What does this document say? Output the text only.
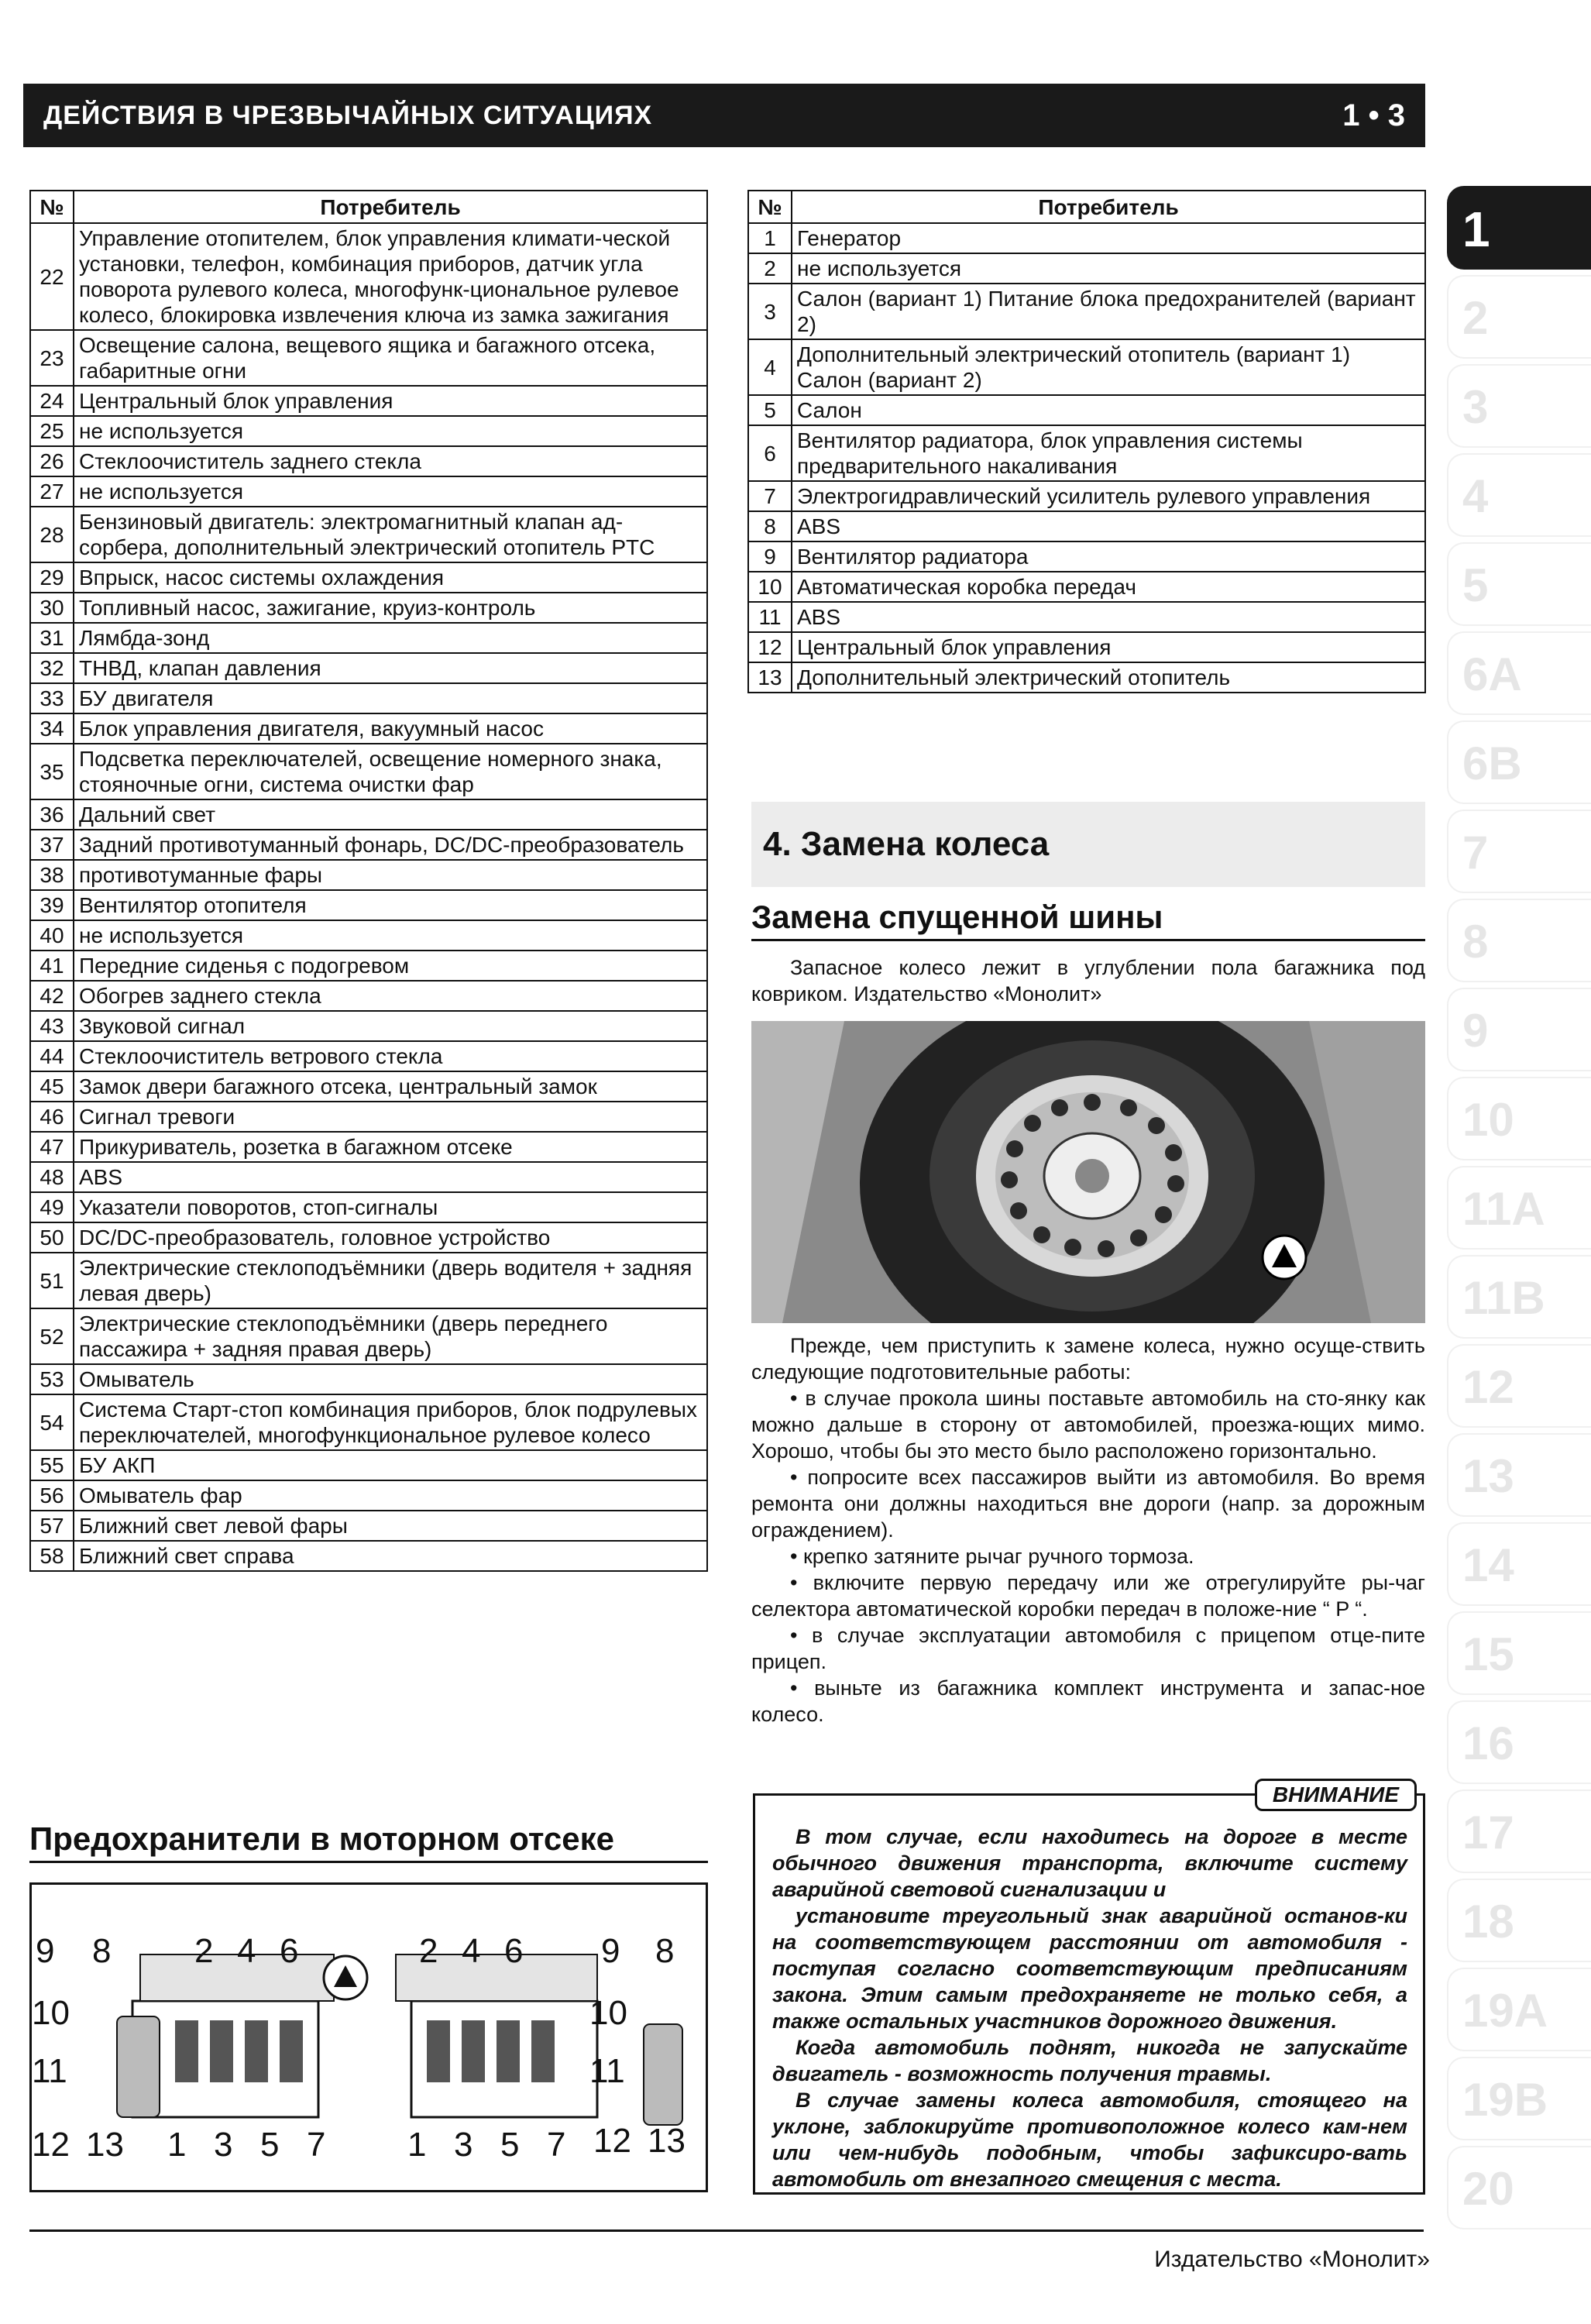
ДЕЙСТВИЯ В ЧРЕЗВЫЧАЙНЫХ СИТУАЦИЯХ	1 • 3
№	Потребитель
22	Управление отопителем, блок управления климати-ческой установки, телефон, комбинация приборов, датчик угла поворота рулевого колеса, многофунк-циональное рулевое колесо, блокировка извлечения ключа из замка зажигания
23	Освещение салона, вещевого ящика и багажного отсека, габаритные огни
24	Центральный блок управления
25	не используется
26	Стеклоочиститель заднего стекла
27	не используется
28	Бензиновый двигатель: электромагнитный клапан ад-сорбера, дополнительный электрический отопитель PTC
29	Впрыск, насос системы охлаждения
30	Топливный насос, зажигание, круиз-контроль
31	Лямбда-зонд
32	ТНВД, клапан давления
33	БУ двигателя
34	Блок управления двигателя, вакуумный насос
35	Подсветка переключателей, освещение номерного знака, стояночные огни, система очистки фар
36	Дальний свет
37	Задний противотуманный фонарь, DC/DC-преобразователь
38	противотуманные фары
39	Вентилятор отопителя
40	не используется
41	Передние сиденья с подогревом
42	Обогрев заднего стекла
43	Звуковой сигнал
44	Стеклоочиститель ветрового стекла
45	Замок двери багажного отсека, центральный замок
46	Сигнал тревоги
47	Прикуриватель, розетка в багажном отсеке
48	ABS
49	Указатели поворотов, стоп-сигналы
50	DC/DC-преобразователь, головное устройство
51	Электрические стеклоподъёмники (дверь водителя + задняя левая дверь)
52	Электрические стеклоподъёмники (дверь переднего пассажира + задняя правая дверь)
53	Омыватель
54	Система Старт-стоп комбинация приборов, блок подрулевых переключателей, многофункциональное рулевое колесо
55	БУ АКП
56	Омыватель фар
57	Ближний свет левой фары
58	Ближний свет справа
№	Потребитель
1	Генератор
2	не используется
3	Салон (вариант 1) Питание блока предохранителей (вариант 2)
4	Дополнительный электрический отопитель (вариант 1) Салон (вариант 2)
5	Салон
6	Вентилятор радиатора, блок управления системы предварительного накаливания
7	Электрогидравлический усилитель рулевого управления
8	ABS
9	Вентилятор радиатора
10	Автоматическая коробка передач
11	ABS
12	Центральный блок управления
13	Дополнительный электрический отопитель
4. Замена колеса
Замена спущенной шины

Запасное колесо лежит в углублении пола багажника под ковриком. Издательство «Монолит»

Прежде, чем приступить к замене колеса, нужно осуще-ствить следующие подготовительные работы:

• в случае прокола шины поставьте автомобиль на сто-янку как можно дальше в сторону от автомобилей, проезжа-ющих мимо. Хорошо, чтобы бы это место было расположено горизонтально.

• попросите всех пассажиров выйти из автомобиля. Во время ремонта они должны находиться вне дороги (напр. за дорожным ограждением).

• крепко затяните рычаг ручного тормоза.

• включите первую передачу или же отрегулируйте ры-чаг селектора автоматической коробки передач в положе-ние “ P “.

• в случае эксплуатации автомобиля с прицепом отце-пите прицеп.

• выньте из багажника комплект инструмента и запас-ное колесо.

ВНИМАНИЕ

В том случае, если находитесь на дороге в месте обычного движения транспорта, включите систему аварийной световой сигнализации и

установите треугольный знак аварийной останов-ки на соответствующем расстоянии от автомобиля - поступая согласно соответствующим предписаниям закона. Этим самым предохраняете не только себя, а также остальных участников дорожного движения.

Когда автомобиль поднят, никогда не запускайте двигатель - возможность получения травмы.

В случае замены колеса автомобиля, стоящего на уклоне, заблокируйте противоположное колесо кам-нем или чем-нибудь подобным, чтобы зафиксиро-вать автомобиль от внезапного смещения с места.

Предохранители в моторном отсеке
9 8 2 4 6
10
11
12 13 1 3 5 7
2 4 6 9 8
10
11
1 3 5 7 12 13
1
2
3
4
5
6A
6B
7
8
9
10
11A
11B
12
13
14
15
16
17
18
19A
19B
20
Издательство «Монолит»
